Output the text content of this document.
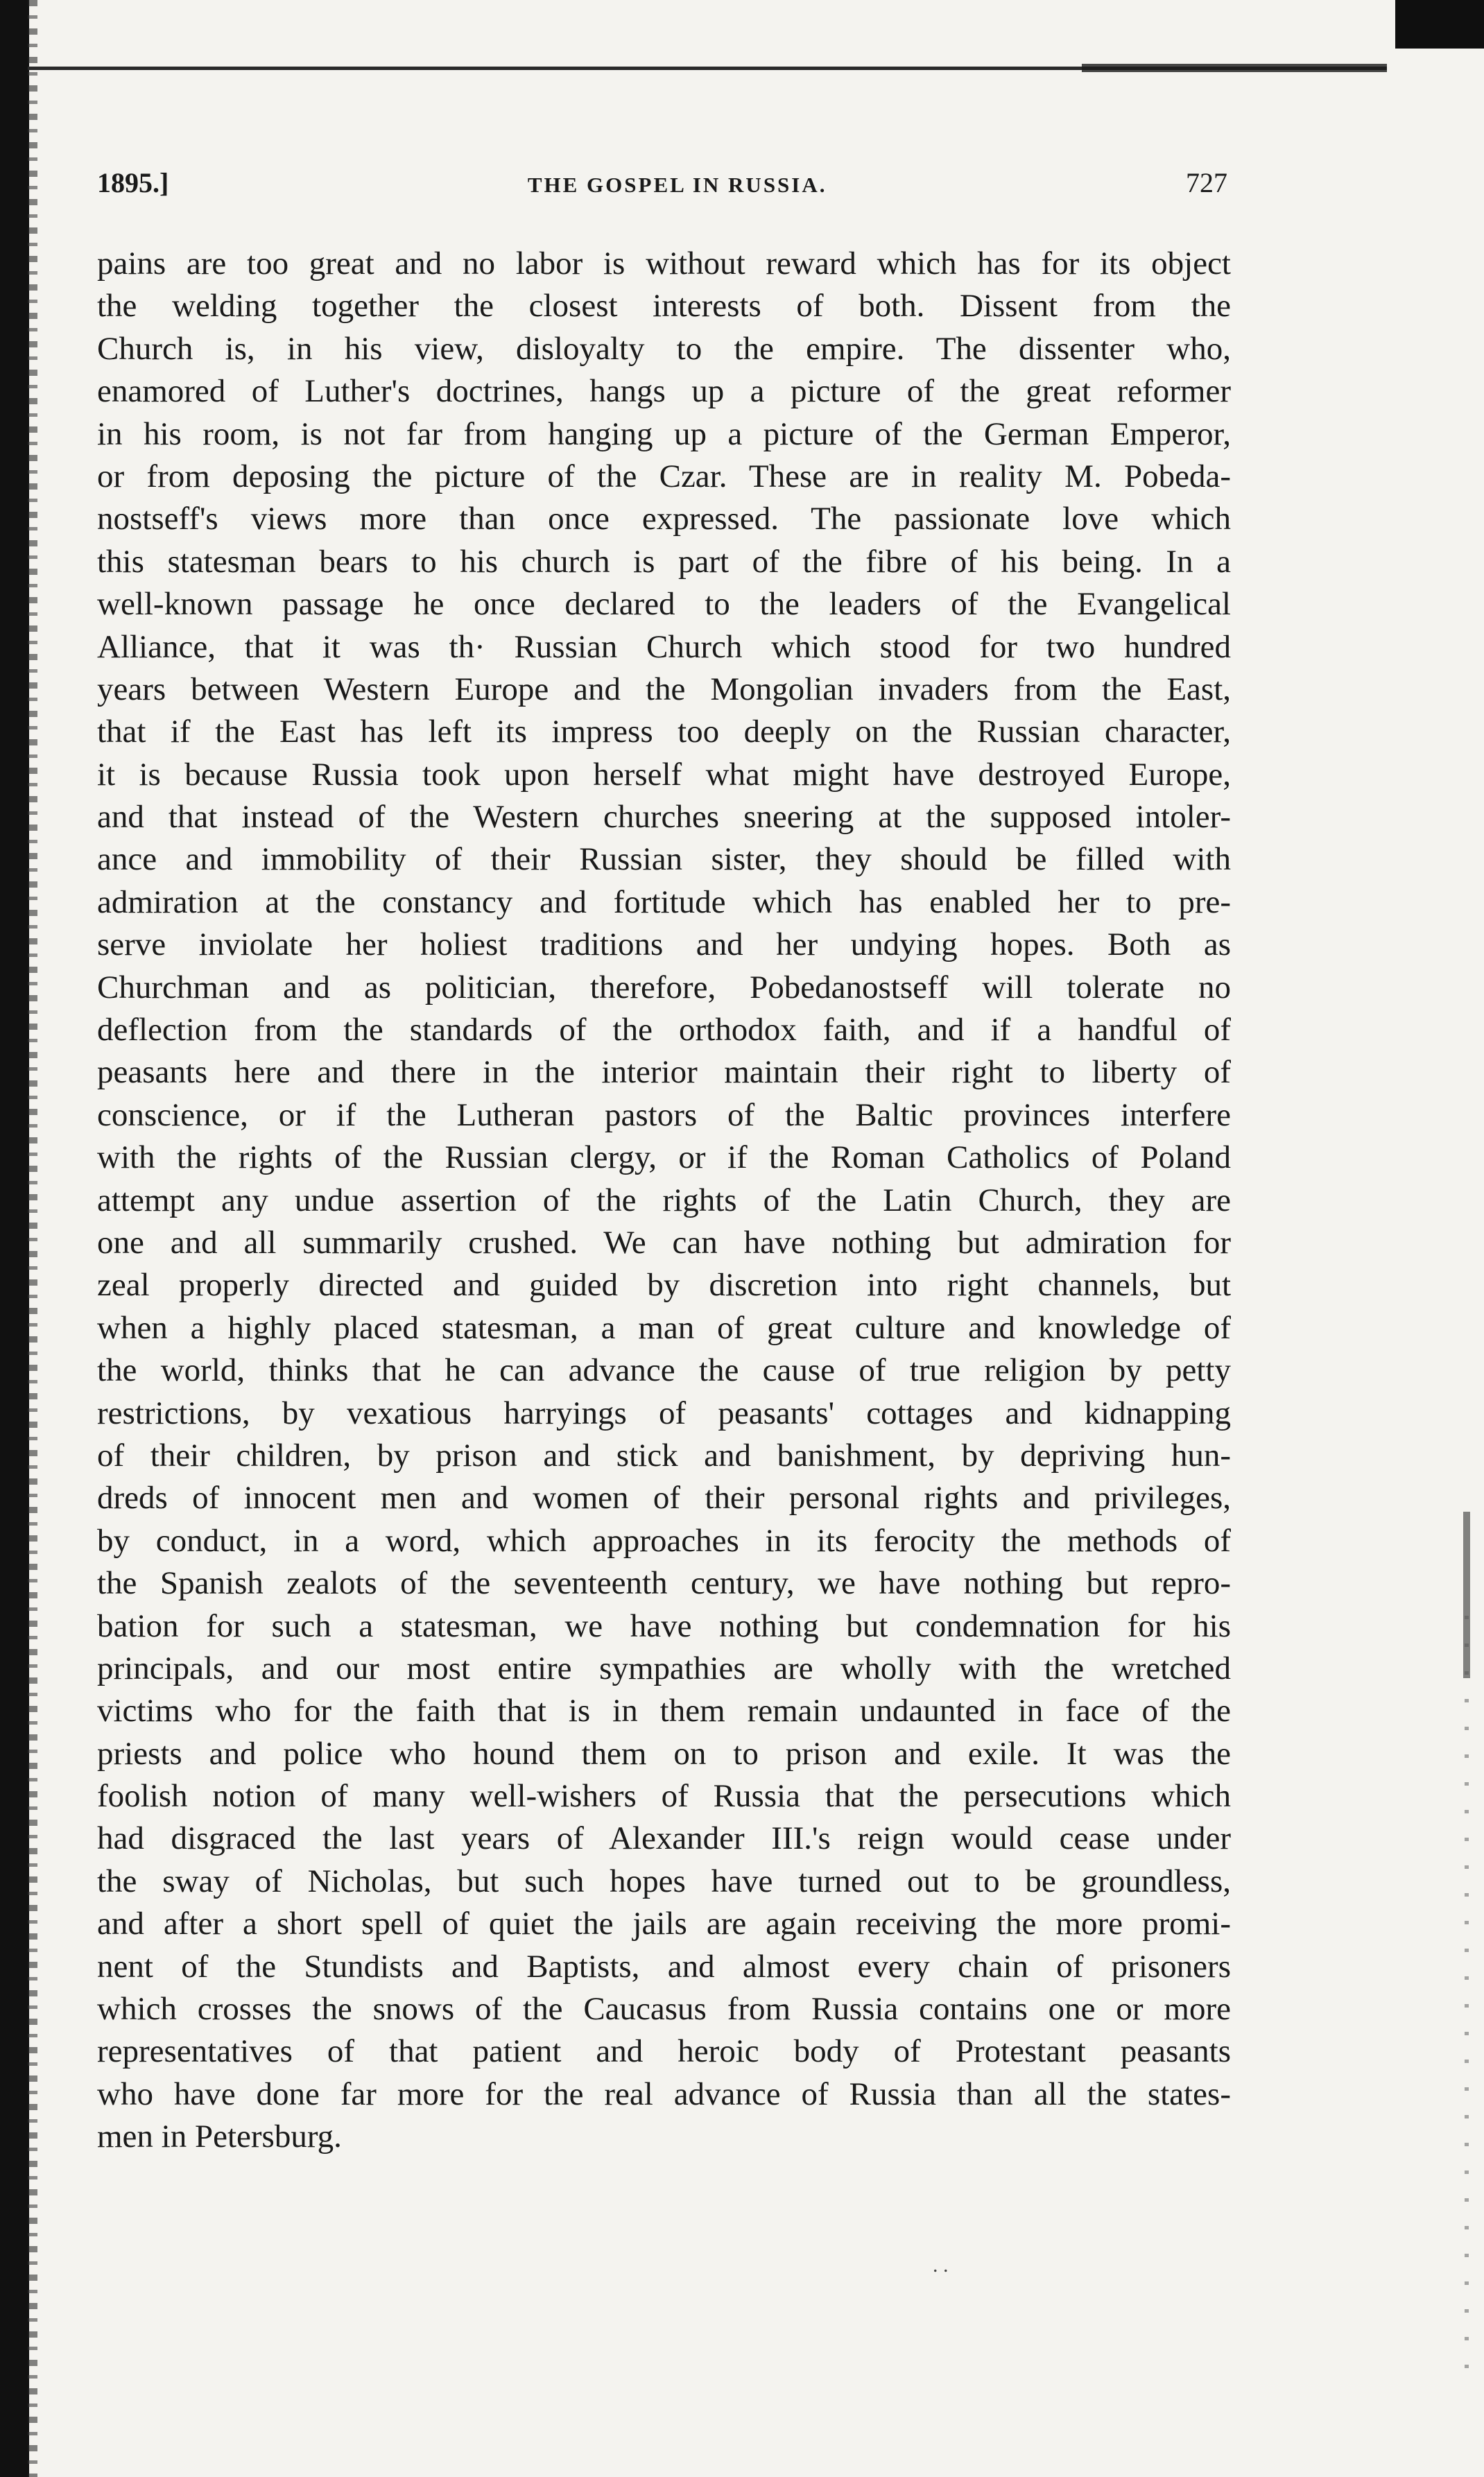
1895.]	THE GOSPEL IN RUSSIA.	727
pains are too great and no labor is without reward which has for its object
the welding together the closest interests of both. Dissent from the
Church is, in his view, disloyalty to the empire. The dissenter who,
enamored of Luther's doctrines, hangs up a picture of the great reformer
in his room, is not far from hanging up a picture of the German Emperor,
or from deposing the picture of the Czar. These are in reality M. Pobeda-
nostseff's views more than once expressed. The passionate love which
this statesman bears to his church is part of the fibre of his being. In a
well-known passage he once declared to the leaders of the Evangelical
Alliance, that it was th· Russian Church which stood for two hundred
years between Western Europe and the Mongolian invaders from the East,
that if the East has left its impress too deeply on the Russian character,
it is because Russia took upon herself what might have destroyed Europe,
and that instead of the Western churches sneering at the supposed intoler-
ance and immobility of their Russian sister, they should be filled with
admiration at the constancy and fortitude which has enabled her to pre-
serve inviolate her holiest traditions and her undying hopes. Both as
Churchman and as politician, therefore, Pobedanostseff will tolerate no
deflection from the standards of the orthodox faith, and if a handful of
peasants here and there in the interior maintain their right to liberty of
conscience, or if the Lutheran pastors of the Baltic provinces interfere
with the rights of the Russian clergy, or if the Roman Catholics of Poland
attempt any undue assertion of the rights of the Latin Church, they are
one and all summarily crushed. We can have nothing but admiration for
zeal properly directed and guided by discretion into right channels, but
when a highly placed statesman, a man of great culture and knowledge of
the world, thinks that he can advance the cause of true religion by petty
restrictions, by vexatious harryings of peasants' cottages and kidnapping
of their children, by prison and stick and banishment, by depriving hun-
dreds of innocent men and women of their personal rights and privileges,
by conduct, in a word, which approaches in its ferocity the methods of
the Spanish zealots of the seventeenth century, we have nothing but repro-
bation for such a statesman, we have nothing but condemnation for his
principals, and our most entire sympathies are wholly with the wretched
victims who for the faith that is in them remain undaunted in face of the
priests and police who hound them on to prison and exile. It was the
foolish notion of many well-wishers of Russia that the persecutions which
had disgraced the last years of Alexander III.'s reign would cease under
the sway of Nicholas, but such hopes have turned out to be groundless,
and after a short spell of quiet the jails are again receiving the more promi-
nent of the Stundists and Baptists, and almost every chain of prisoners
which crosses the snows of the Caucasus from Russia contains one or more
representatives of that patient and heroic body of Protestant peasants
who have done far more for the real advance of Russia than all the states-
men in Petersburg.
. .
